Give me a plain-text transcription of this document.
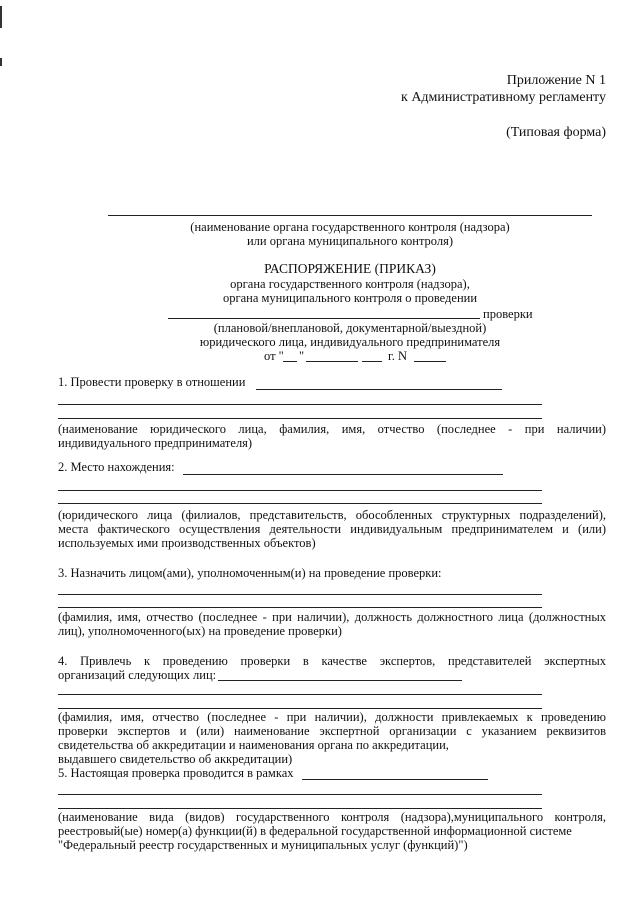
Приложение N 1
к Административному регламенту
(Типовая форма)
(наименование органа государственного контроля (надзора)
или органа муниципального контроля)
РАСПОРЯЖЕНИЕ (ПРИКАЗ)
органа государственного контроля (надзора),
органа муниципального контроля о проведении
проверки
(плановой/внеплановой, документарной/выездной)
юридического лица, индивидуального предпринимателя
от " "	г. N
1. Провести проверку в отношении
(наименование юридического лица, фамилия, имя, отчество (последнее - при наличии)
индивидуального предпринимателя)
2. Место нахождения:
(юридического лица (филиалов, представительств, обособленных структурных подразделений),
места фактического осуществления деятельности индивидуальным предпринимателем и (или)
используемых ими производственных объектов)
3. Назначить лицом(ами), уполномоченным(и) на проведение проверки:
(фамилия, имя, отчество (последнее - при наличии), должность должностного лица (должностных
лиц), уполномоченного(ых) на проведение проверки)
4. Привлечь к проведению проверки в качестве экспертов, представителей экспертных
организаций следующих лиц:
(фамилия, имя, отчество (последнее - при наличии), должности привлекаемых к проведению
проверки экспертов и (или) наименование экспертной организации с указанием реквизитов
свидетельства об аккредитации и наименования органа по аккредитации,
выдавшего свидетельство об аккредитации)
5. Настоящая проверка проводится в рамках
(наименование вида (видов) государственного контроля (надзора),муниципального контроля,
реестровый(ые) номер(а) функции(й) в федеральной государственной информационной системе
"Федеральный реестр государственных и муниципальных услуг (функций)")
